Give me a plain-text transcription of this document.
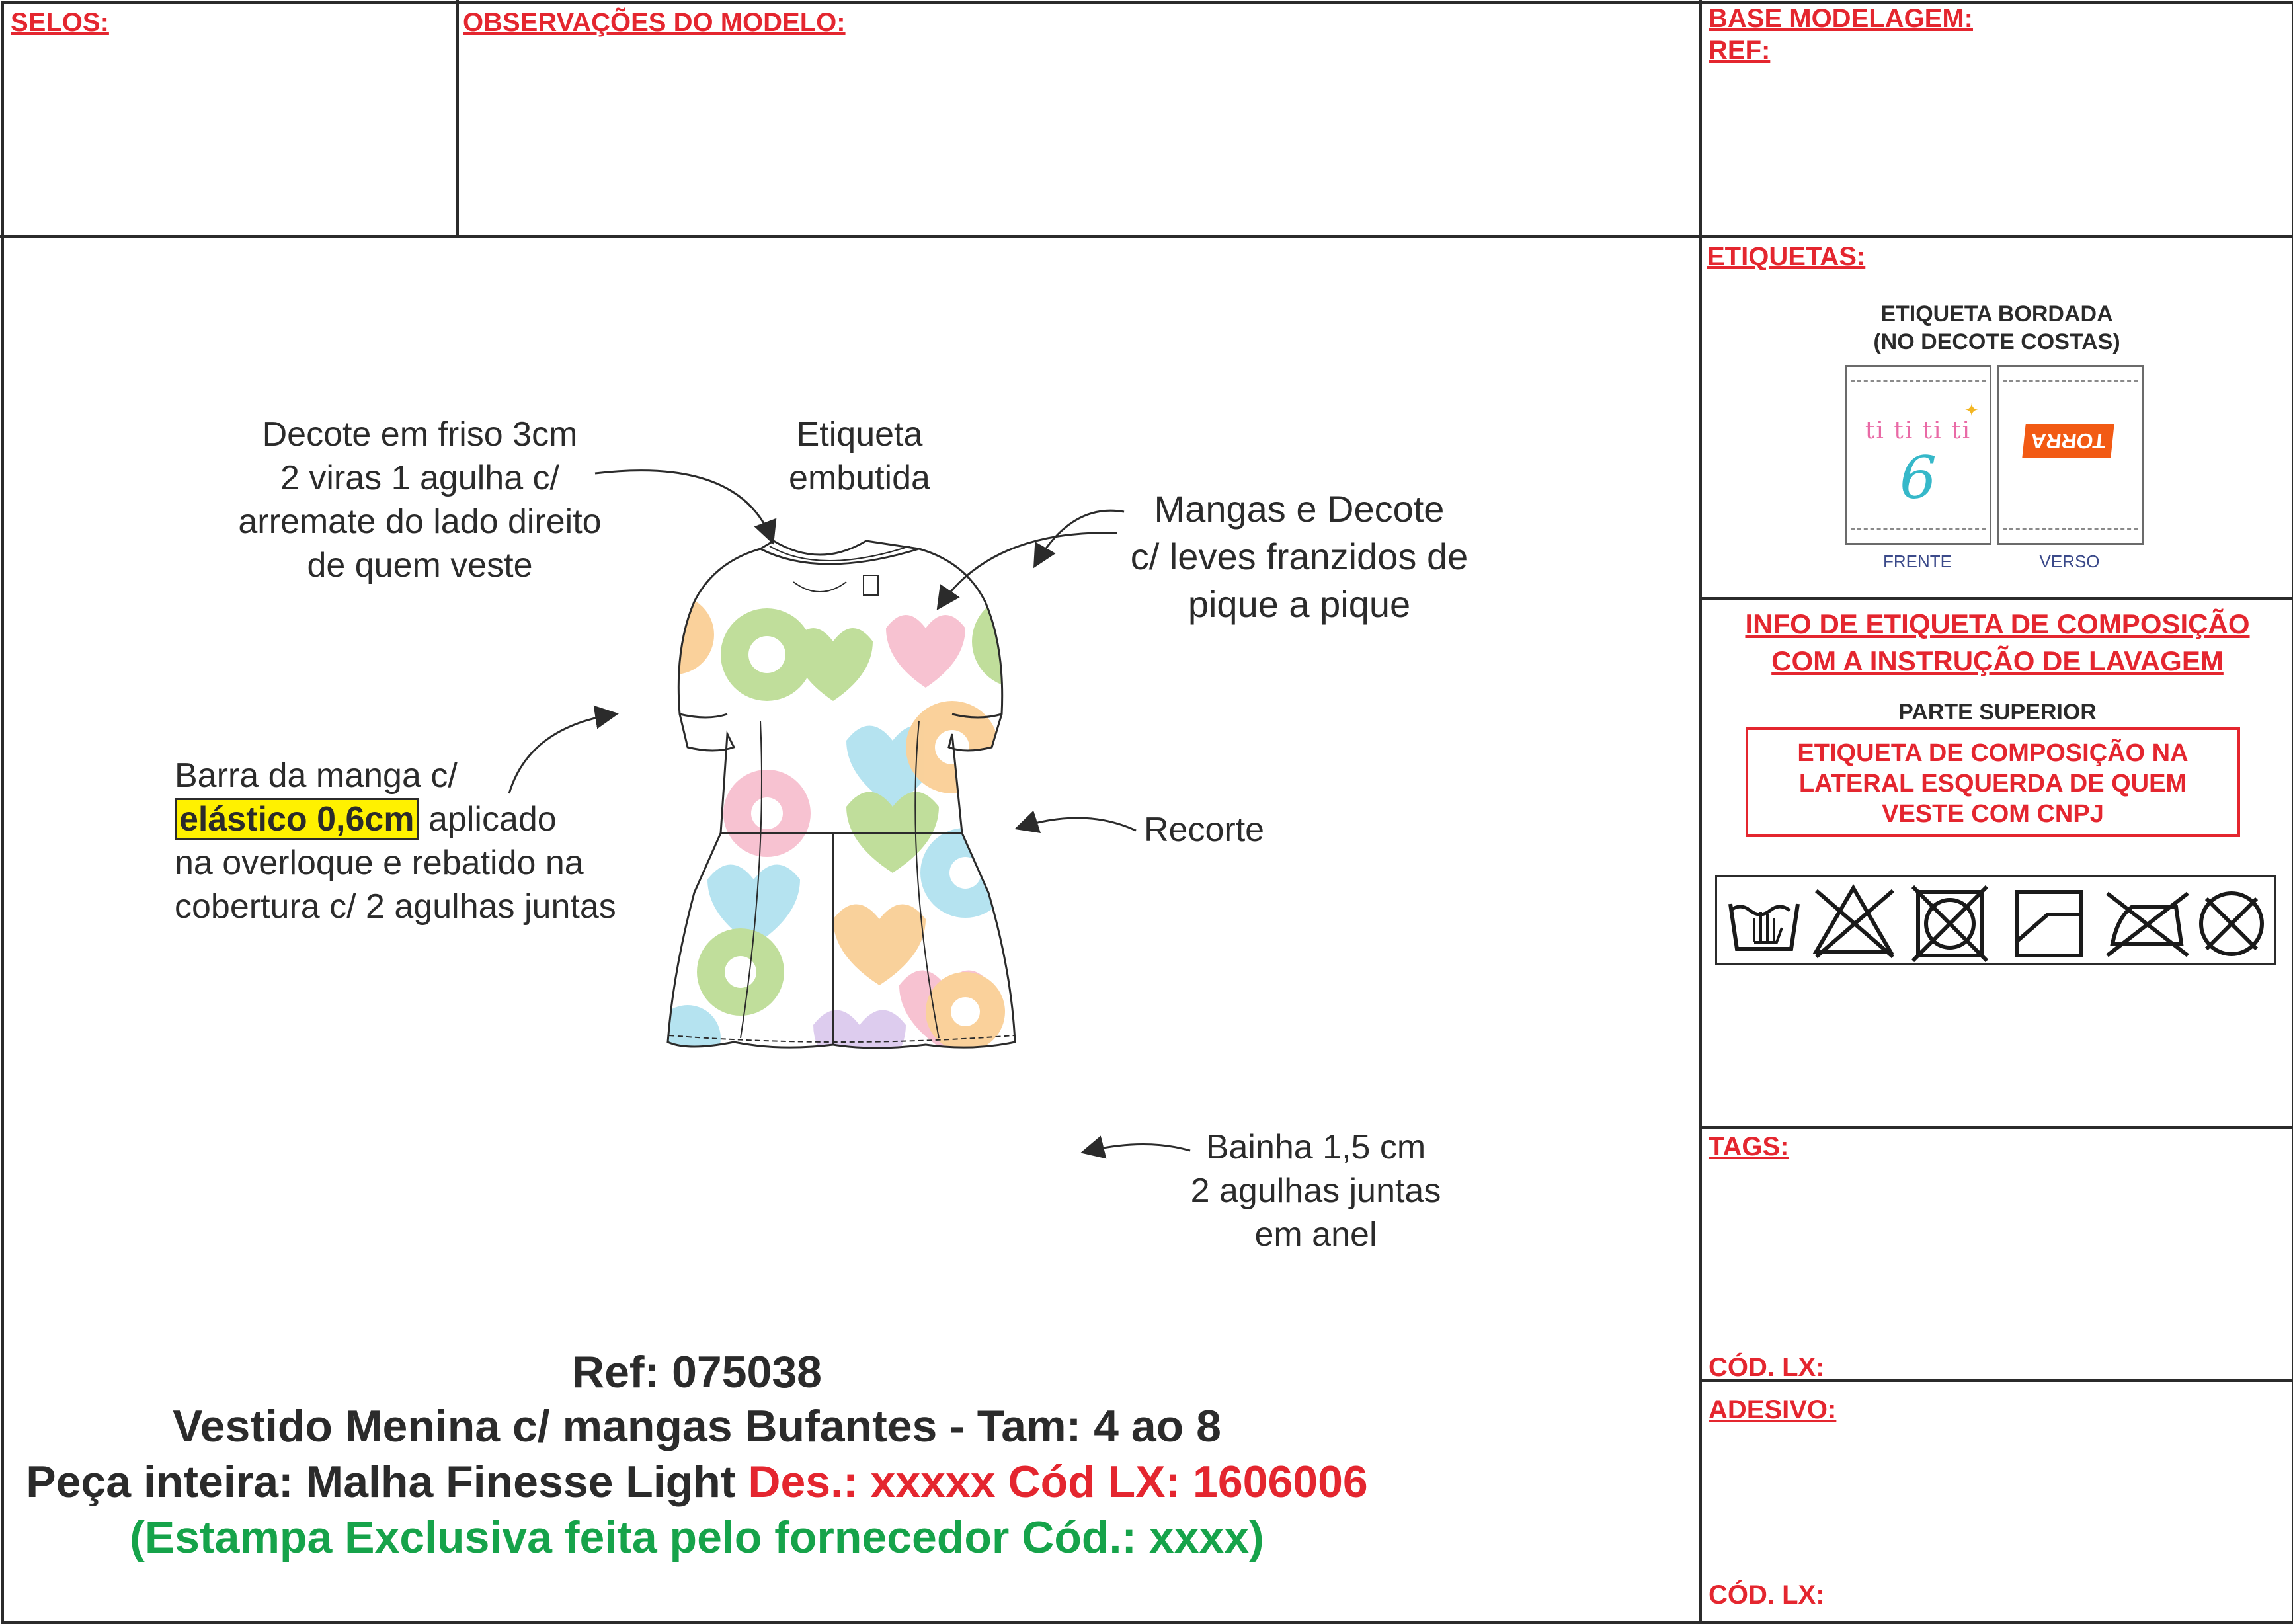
SELOS:	OBSERVAÇÕES DO MODELO:	BASE MODELAGEM:
REF:
ETIQUETAS:
ETIQUETA BORDADA
(NO DECOTE COSTAS)
ti ti ti ti
6
✦
FRENTE
TORRA
VERSO
INFO DE ETIQUETA DE COMPOSIÇÃO
COM A INSTRUÇÃO DE LAVAGEM
PARTE SUPERIOR
ETIQUETA DE COMPOSIÇÃO NA
LATERAL ESQUERDA DE QUEM
VESTE COM CNPJ
TAGS:
CÓD. LX:
ADESIVO:
CÓD. LX:
Decote em friso 3cm
2 viras 1 agulha c/
arremate do lado direito
de quem veste
Etiqueta
embutida
Mangas e Decote
c/ leves franzidos de
pique a pique
Barra da manga c/
elástico 0,6cm aplicado
na overloque e rebatido na
cobertura c/ 2 agulhas juntas
Recorte
Bainha 1,5 cm
2 agulhas juntas
em anel
Ref: 075038
Vestido Menina c/ mangas Bufantes - Tam: 4 ao 8
Peça inteira: Malha Finesse Light Des.: xxxxx Cód LX: 1606006
(Estampa Exclusiva feita pelo fornecedor Cód.: xxxx)
